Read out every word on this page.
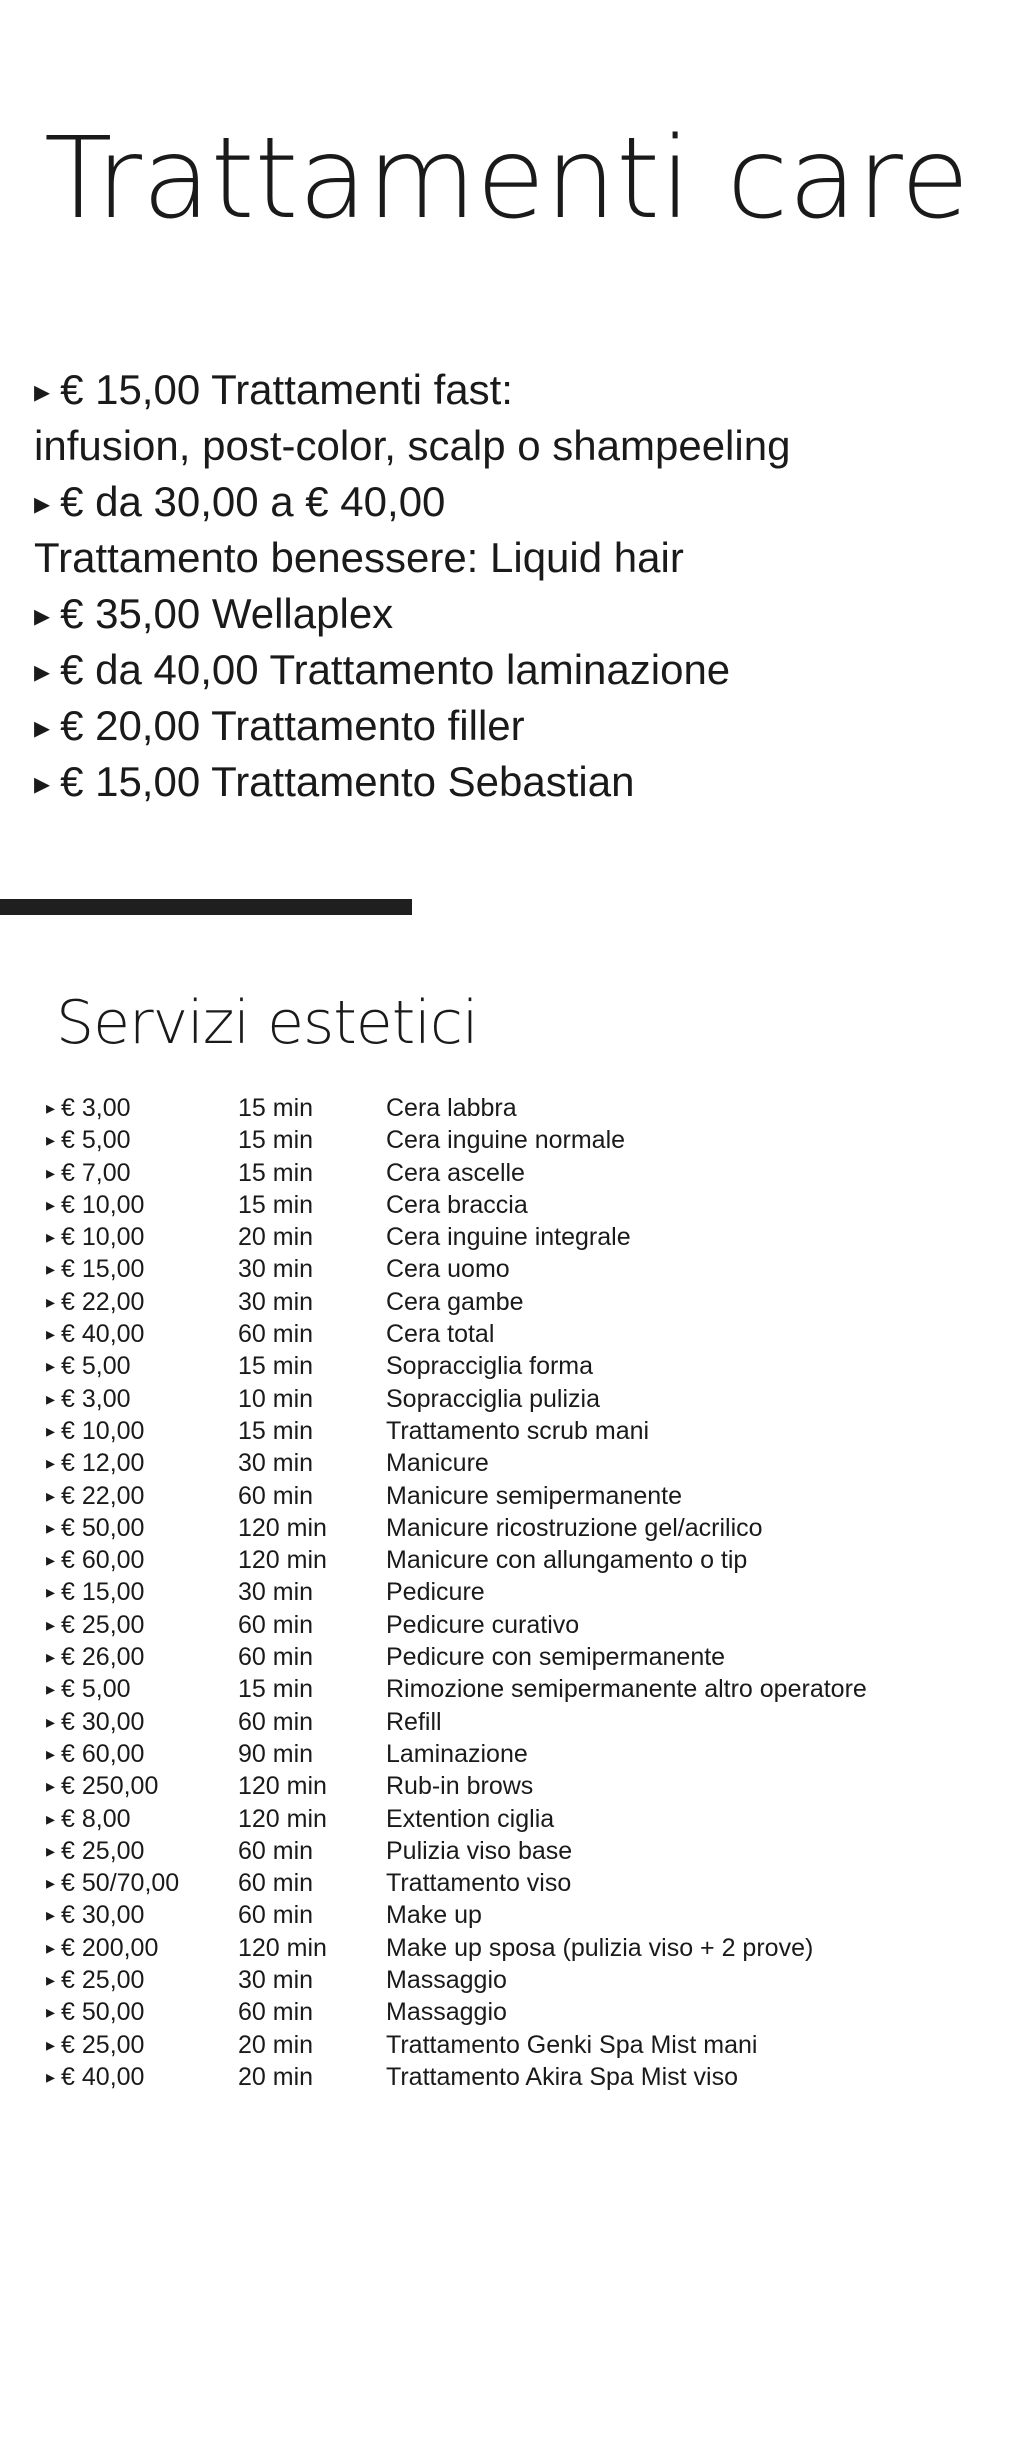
Trattamenti care
▸ € 15,00 Trattamenti fast:
infusion, post-color, scalp o shampeeling
▸ € da 30,00 a € 40,00
Trattamento benessere: Liquid hair
▸ € 35,00 Wellaplex
▸ € da 40,00 Trattamento laminazione
▸ € 20,00 Trattamento filler
▸ € 15,00 Trattamento Sebastian
Servizi estetici
▸ € 3,00	15 min	Cera labbra
▸ € 5,00	15 min	Cera inguine normale
▸ € 7,00	15 min	Cera ascelle
▸ € 10,00	15 min	Cera braccia
▸ € 10,00	20 min	Cera inguine integrale
▸ € 15,00	30 min	Cera uomo
▸ € 22,00	30 min	Cera gambe
▸ € 40,00	60 min	Cera total
▸ € 5,00	15 min	Sopracciglia forma
▸ € 3,00	10 min	Sopracciglia pulizia
▸ € 10,00	15 min	Trattamento scrub mani
▸ € 12,00	30 min	Manicure
▸ € 22,00	60 min	Manicure semipermanente
▸ € 50,00	120 min	Manicure ricostruzione gel/acrilico
▸ € 60,00	120 min	Manicure con allungamento o tip
▸ € 15,00	30 min	Pedicure
▸ € 25,00	60 min	Pedicure curativo
▸ € 26,00	60 min	Pedicure con semipermanente
▸ € 5,00	15 min	Rimozione semipermanente altro operatore
▸ € 30,00	60 min	Refill
▸ € 60,00	90 min	Laminazione
▸ € 250,00	120 min	Rub-in brows
▸ € 8,00	120 min	Extention ciglia
▸ € 25,00	60 min	Pulizia viso base
▸ € 50/70,00	60 min	Trattamento viso
▸ € 30,00	60 min	Make up
▸ € 200,00	120 min	Make up sposa (pulizia viso + 2 prove)
▸ € 25,00	30 min	Massaggio
▸ € 50,00	60 min	Massaggio
▸ € 25,00	20 min	Trattamento Genki Spa Mist mani
▸ € 40,00	20 min	Trattamento Akira Spa Mist viso
